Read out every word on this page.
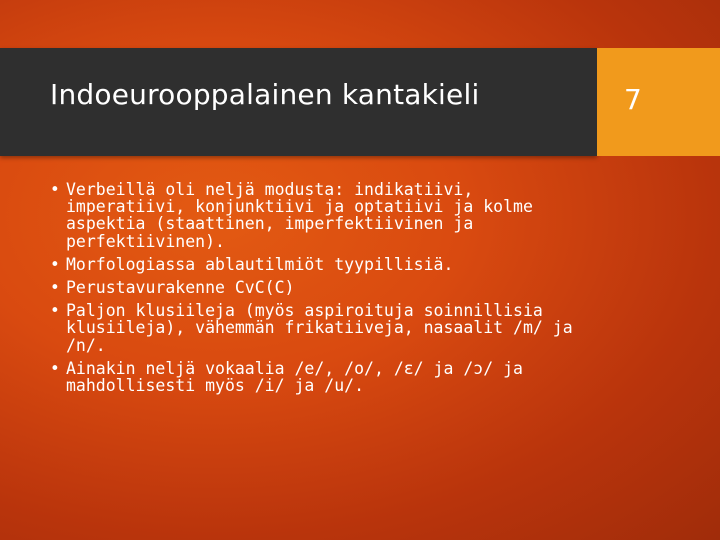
Indoeurooppalainen kantakieli	7
• Verbeillä oli neljä modusta: indikatiivi, imperatiivi, konjunktiivi ja optatiivi ja kolme aspektia (staattinen, imperfektiivinen ja perfektiivinen).
• Morfologiassa ablautilmiöt tyypillisiä.
• Perustavurakenne CvC(C)
• Paljon klusiileja (myös aspiroituja soinnillisia klusiileja), vähemmän frikatiiveja, nasaalit /m/ ja /n/.
• Ainakin neljä vokaalia /e/, /o/, /ɛ/ ja /ɔ/ ja mahdollisesti myös /i/ ja /u/.
